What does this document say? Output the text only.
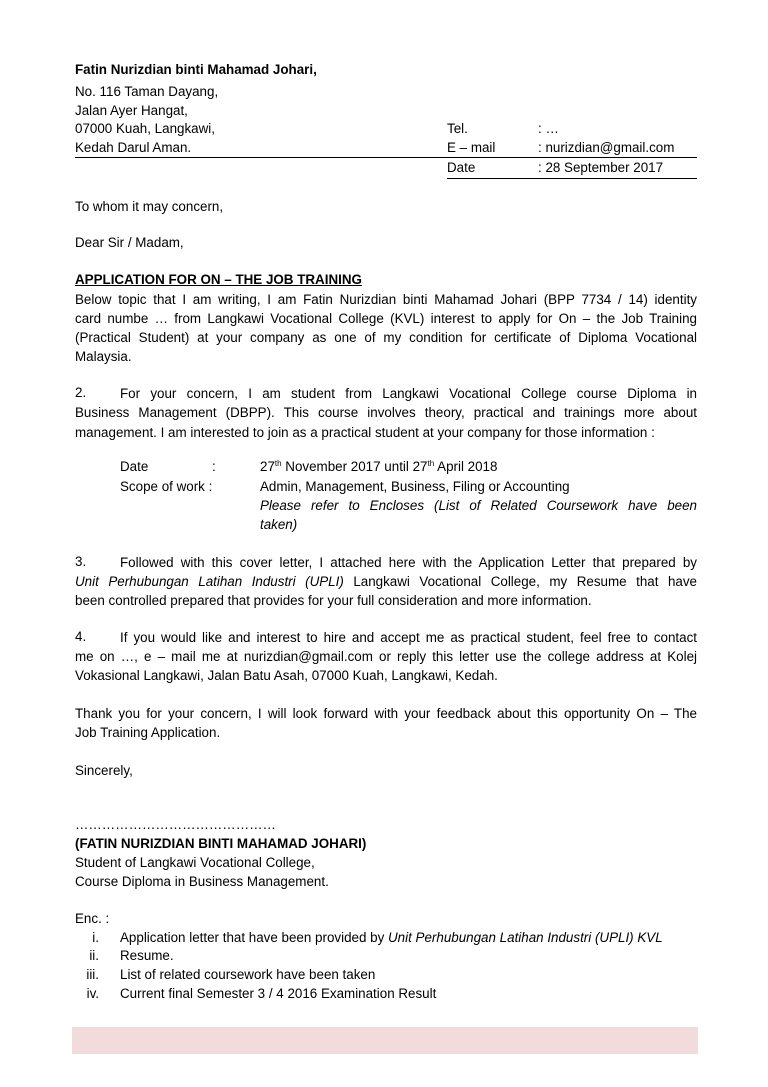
Fatin Nurizdian binti Mahamad Johari,
No. 116 Taman Dayang,
Jalan Ayer Hangat,
07000 Kuah, Langkawi,
Kedah Darul Aman.
Tel.	: …
E – mail	: nurizdian@gmail.com
Date	: 28 September 2017
To whom it may concern,
Dear Sir / Madam,
APPLICATION FOR ON – THE JOB TRAINING
Below topic that I am writing, I am Fatin Nurizdian binti Mahamad Johari (BPP 7734 / 14) identity
card numbe … from Langkawi Vocational College (KVL) interest to apply for On – the Job Training
(Practical Student) at your company as one of my condition for certificate of Diploma Vocational
Malaysia.
2.	For your concern, I am student from Langkawi Vocational College course Diploma in
Business Management (DBPP). This course involves theory, practical and trainings more about
management. I am interested to join as a practical student at your company for those information :
Date	:	27th November 2017 until 27th April 2018
Scope of work :	Admin, Management, Business, Filing or Accounting
Please refer to Encloses (List of Related Coursework have been
taken)
3.	Followed with this cover letter, I attached here with the Application Letter that prepared by
Unit Perhubungan Latihan Industri (UPLI) Langkawi Vocational College, my Resume that have
been controlled prepared that provides for your full consideration and more information.
4.	If you would like and interest to hire and accept me as practical student, feel free to contact
me on …, e – mail me at nurizdian@gmail.com or reply this letter use the college address at Kolej
Vokasional Langkawi, Jalan Batu Asah, 07000 Kuah, Langkawi, Kedah.
Thank you for your concern, I will look forward with your feedback about this opportunity On – The
Job Training Application.
Sincerely,
………………………………………
(FATIN NURIZDIAN BINTI MAHAMAD JOHARI)
Student of Langkawi Vocational College,
Course Diploma in Business Management.
Enc. :
i. Application letter that have been provided by Unit Perhubungan Latihan Industri (UPLI) KVL
ii. Resume.
iii. List of related coursework have been taken
iv. Current final Semester 3 / 4 2016 Examination Result
